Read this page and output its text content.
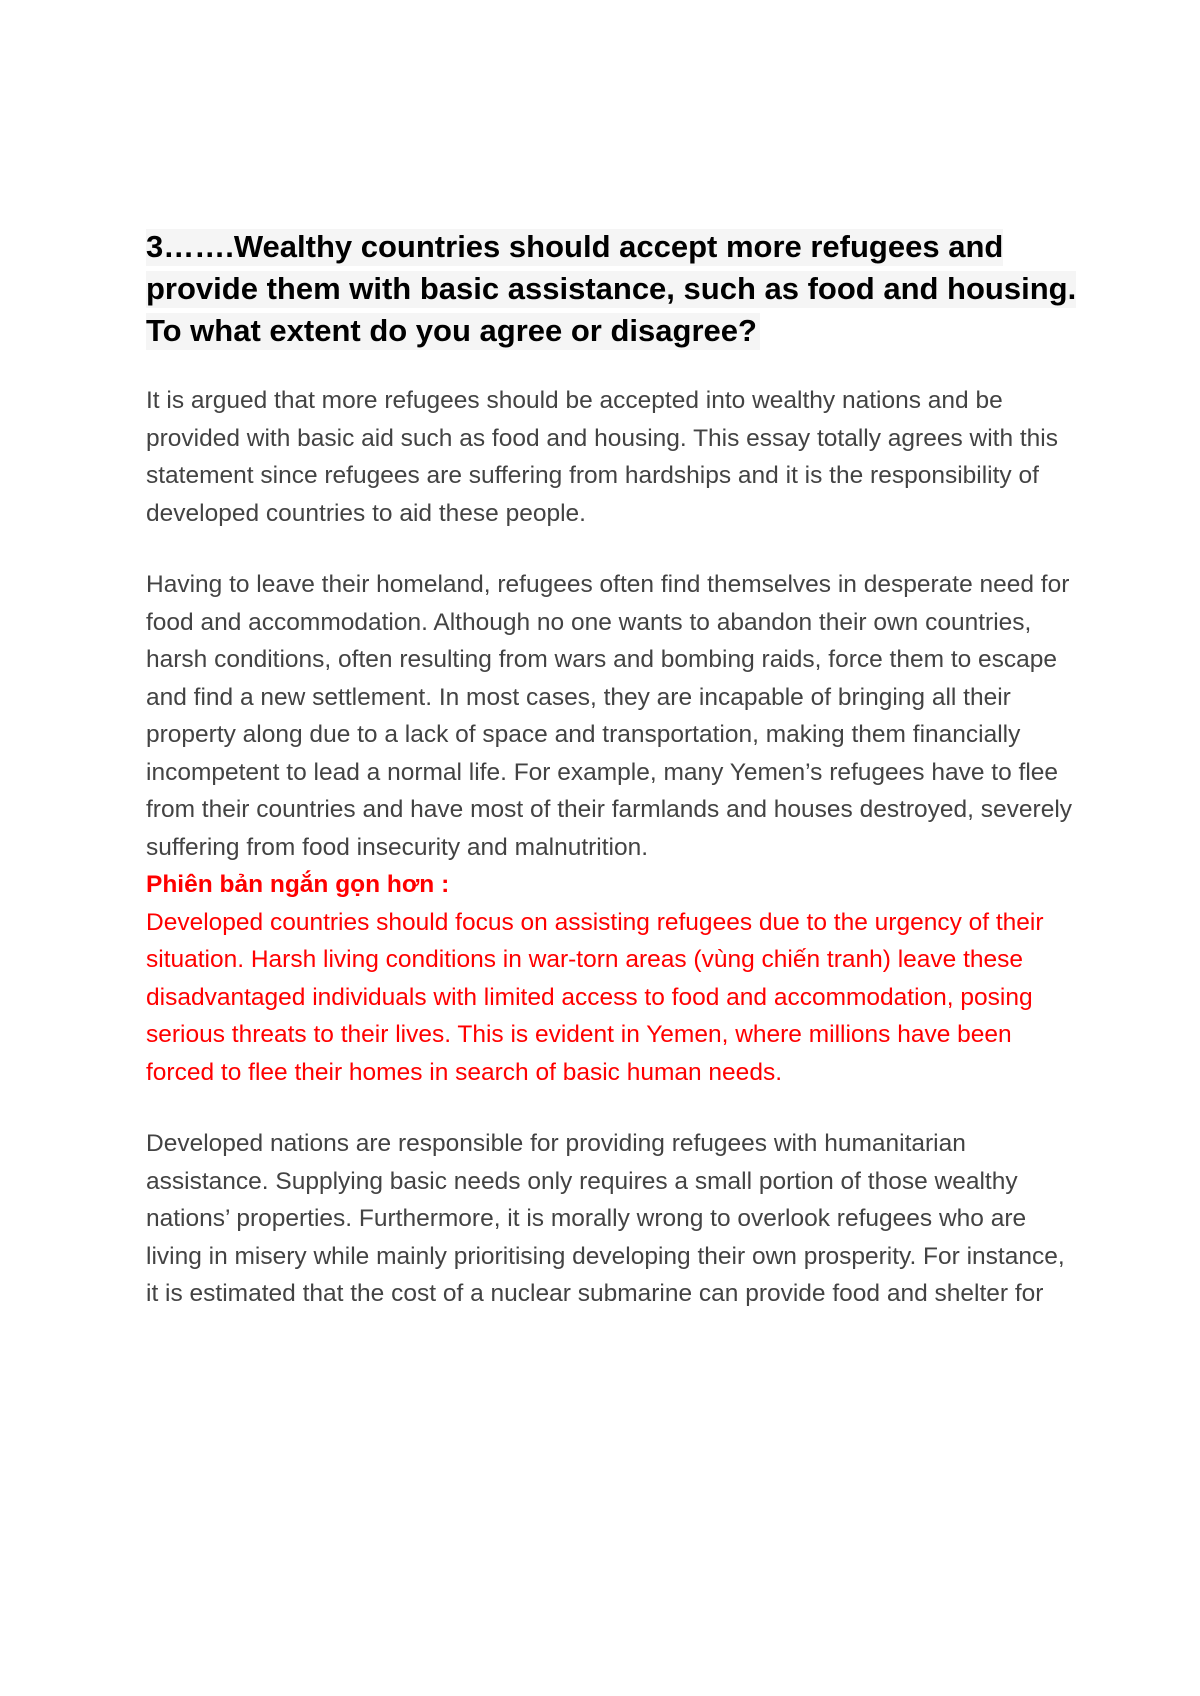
3…….Wealthy countries should accept more refugees and provide them with basic assistance, such as food and housing. To what extent do you agree or disagree?

It is argued that more refugees should be accepted into wealthy nations and be provided with basic aid such as food and housing. This essay totally agrees with this statement since refugees are suffering from hardships and it is the responsibility of developed countries to aid these people.

Having to leave their homeland, refugees often find themselves in desperate need for food and accommodation. Although no one wants to abandon their own countries, harsh conditions, often resulting from wars and bombing raids, force them to escape and find a new settlement. In most cases, they are incapable of bringing all their property along due to a lack of space and transportation, making them financially incompetent to lead a normal life. For example, many Yemen’s refugees have to flee from their countries and have most of their farmlands and houses destroyed, severely suffering from food insecurity and malnutrition.

Phiên bản ngắn gọn hơn :
Developed countries should focus on assisting refugees due to the urgency of their situation. Harsh living conditions in war-torn areas (vùng chiến tranh) leave these disadvantaged individuals with limited access to food and accommodation, posing serious threats to their lives. This is evident in Yemen, where millions have been forced to flee their homes in search of basic human needs.

Developed nations are responsible for providing refugees with humanitarian assistance. Supplying basic needs only requires a small portion of those wealthy nations’ properties. Furthermore, it is morally wrong to overlook refugees who are living in misery while mainly prioritising developing their own prosperity. For instance, it is estimated that the cost of a nuclear submarine can provide food and shelter for
